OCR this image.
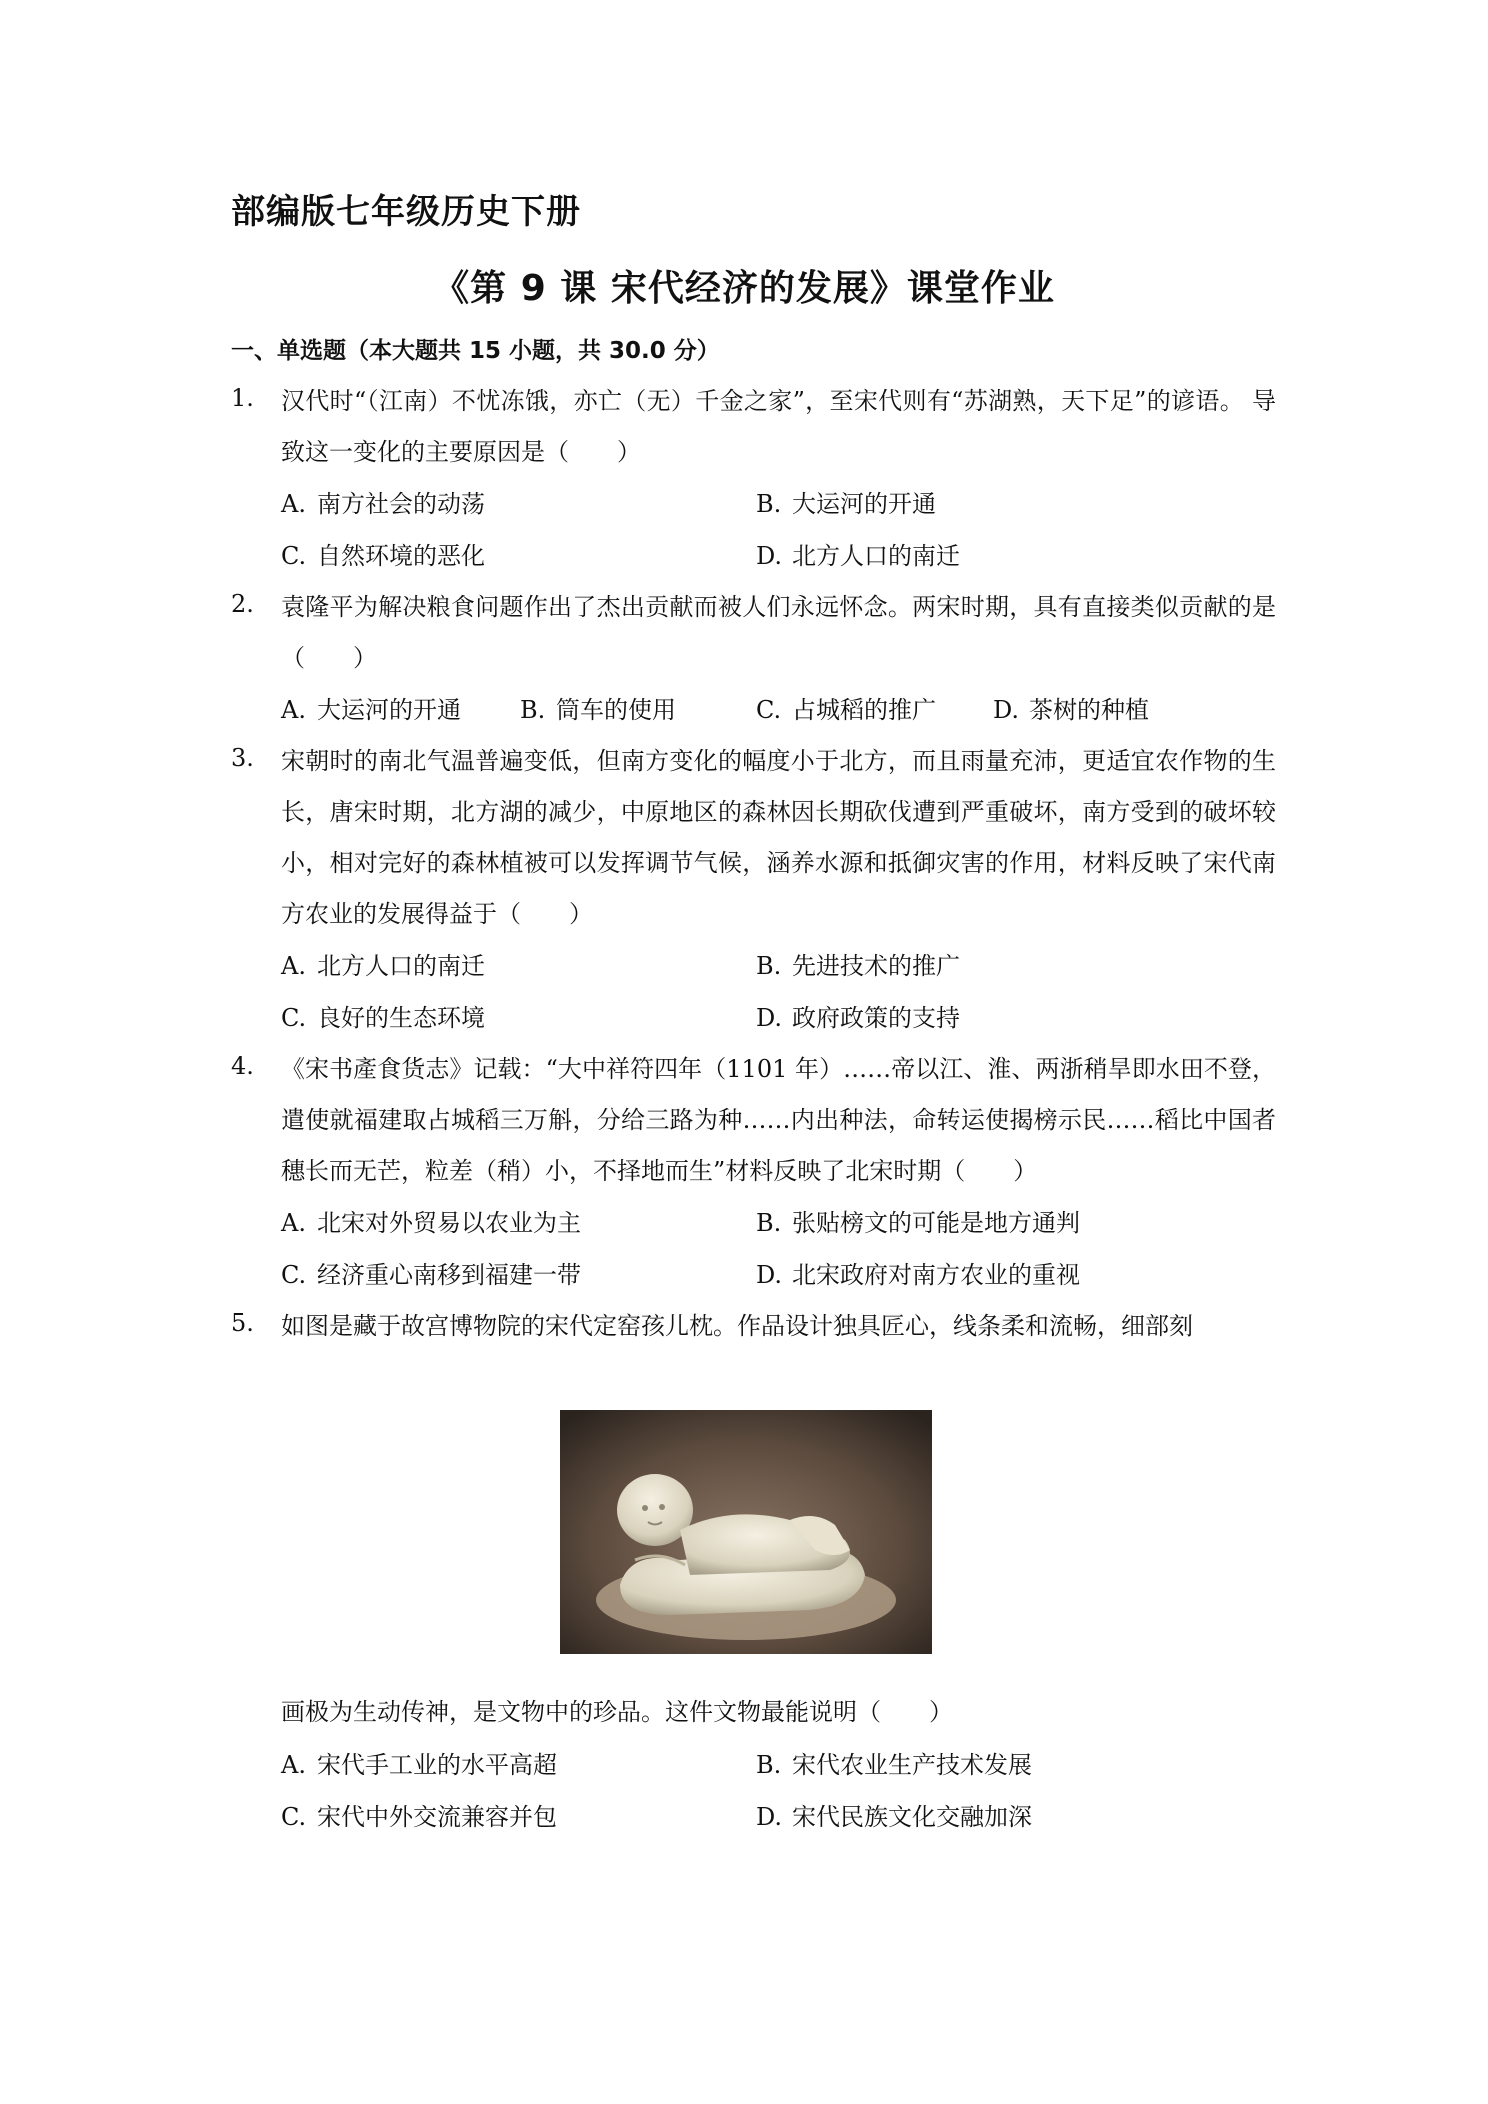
部编版七年级历史下册
《第 9 课 宋代经济的发展》课堂作业
一、单选题（本大题共 15 小题，共 30.0 分）
1. 汉代时“（江南）不忧冻饿，亦亡（无）千金之家”，至宋代则有“苏湖熟，天下足”的谚语。 导致这一变化的主要原因是（　　）
A. 南方社会的动荡	B. 大运河的开通
C. 自然环境的恶化	D. 北方人口的南迁
2. 袁隆平为解决粮食问题作出了杰出贡献而被人们永远怀念。两宋时期，具有直接类似贡献的是（　　）
A. 大运河的开通 B. 筒车的使用	C. 占城稻的推广 D. 茶树的种植
3. 宋朝时的南北气温普遍变低，但南方变化的幅度小于北方，而且雨量充沛，更适宜农作物的生长，唐宋时期，北方湖的减少，中原地区的森林因长期砍伐遭到严重破坏，南方受到的破坏较小，相对完好的森林植被可以发挥调节气候，涵养水源和抵御灾害的作用，材料反映了宋代南方农业的发展得益于（　　）
A. 北方人口的南迁	B. 先进技术的推广
C. 良好的生态环境	D. 政府政策的支持
4. 《宋书產食货志》记载：“大中祥符四年（1101 年）……帝以江、淮、两浙稍旱即水田不登，遣使就福建取占城稻三万斛，分给三路为种……内出种法，命转运使揭榜示民……稻比中国者穗长而无芒，粒差（稍）小，不择地而生”材料反映了北宋时期（　　）
A. 北宋对外贸易以农业为主	B. 张贴榜文的可能是地方通判
C. 经济重心南移到福建一带	D. 北宋政府对南方农业的重视
5. 如图是藏于故宫博物院的宋代定窑孩儿枕。作品设计独具匠心，线条柔和流畅，细部刻
画极为生动传神，是文物中的珍品。这件文物最能说明（　　）
A. 宋代手工业的水平高超	B. 宋代农业生产技术发展
C. 宋代中外交流兼容并包	D. 宋代民族文化交融加深
